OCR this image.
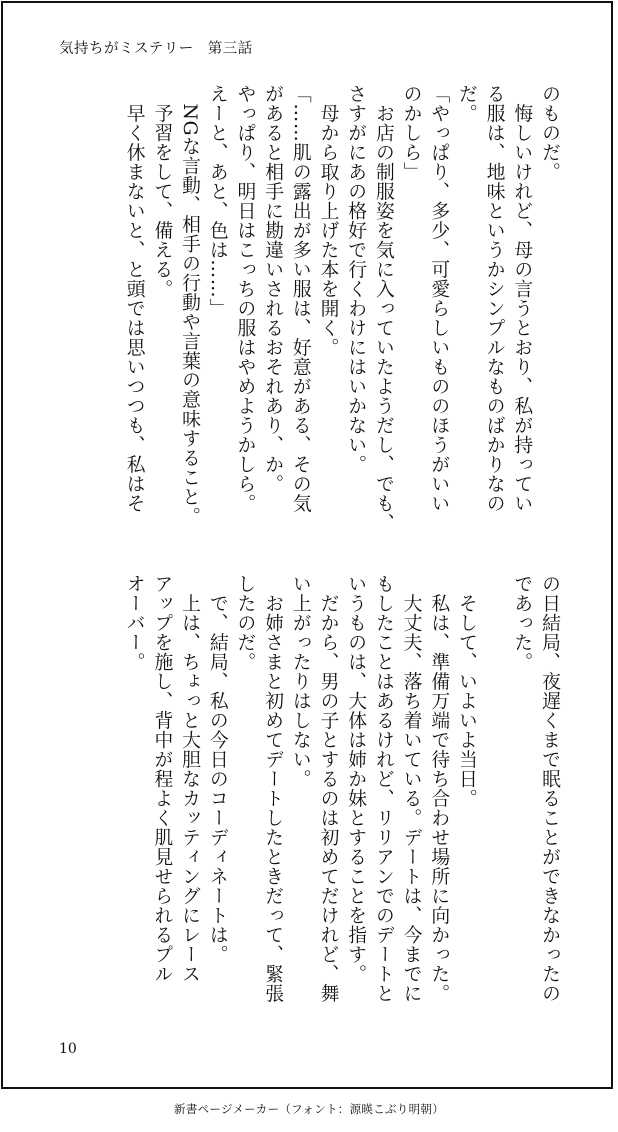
気持ちがミステリー 第三話
のものだ。
　悔しいけれど、母の言うとおり、私が持ってい
る服は、地味というかシンプルなものばかりなの
だ。
「やっぱり、多少、可愛らしいもののほうがいい
のかしら」
　お店の制服姿を気に入っていたようだし、でも、
さすがにあの格好で行くわけにはいかない。
　母から取り上げた本を開く。
「……肌の露出が多い服は、好意がある、その気
があると相手に勘違いされるおそれあり、か。
やっぱり、明日はこっちの服はやめようかしら。
えーと、あと、色は……」
　NGな言動、相手の行動や言葉の意味すること。
　予習をして、備える。
　早く休まないと、と頭では思いつつも、私はそ
の日結局、夜遅くまで眠ることができなかったの
であった。
　そして、いよいよ当日。
　私は、準備万端で待ち合わせ場所に向かった。
　大丈夫、落ち着いている。デートは、今までに
もしたことはあるけれど、リリアンでのデートと
いうものは、大体は姉か妹とすることを指す。
　だから、男の子とするのは初めてだけれど、舞
い上がったりはしない。
　お姉さまと初めてデートしたときだって、緊張
したのだ。
　で、結局、私の今日のコーディネートは。
　上は、ちょっと大胆なカッティングにレース
アップを施し、背中が程よく肌見せられるプル
オーバー。
10
新書ページメーカー（フォント：源暎こぶり明朝）
